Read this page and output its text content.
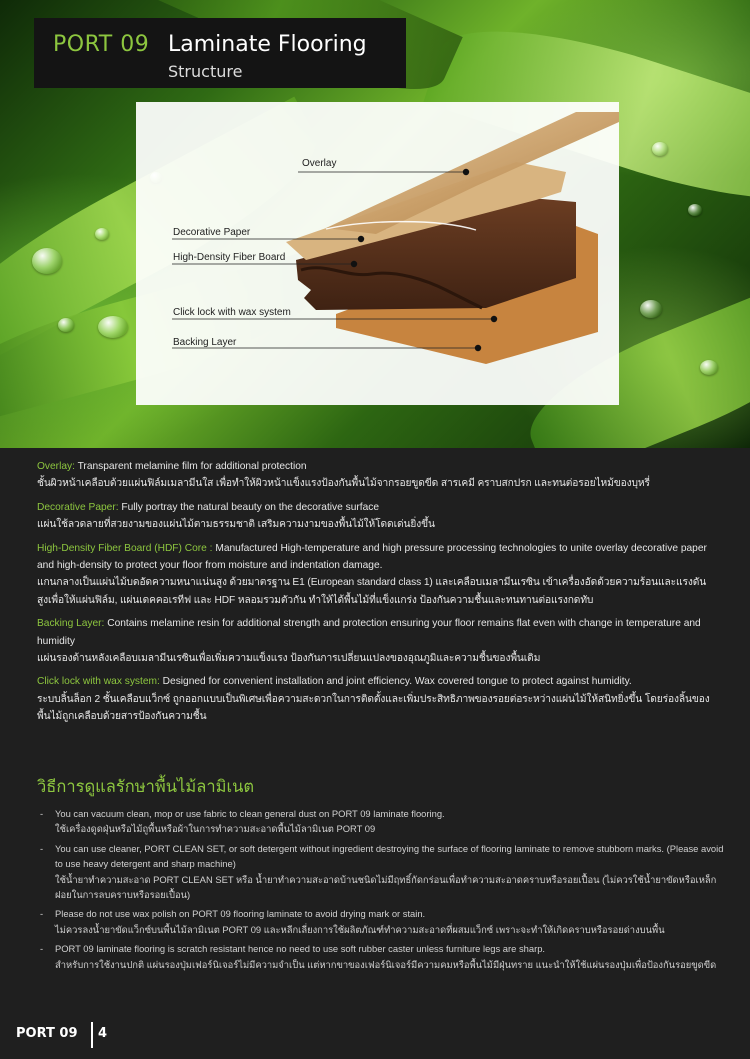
PORT 09 Laminate Flooring
Structure
Overlay
Decorative Paper
High-Density Fiber Board
Click lock with wax system
Backing Layer
Overlay: Transparent melamine film for additional protection
ชั้นผิวหน้าเคลือบด้วยแผ่นฟิล์มเมลามีนใส เพื่อทำให้ผิวหน้าแข็งแรงป้องกันพื้นไม้จากรอยขูดขีด สารเคมี คราบสกปรก และทนต่อรอยไหม้ของบุหรี่
Decorative Paper: Fully portray the natural beauty on the decorative surface
แผ่นใช้ลวดลายที่สวยงามของแผ่นไม้ตามธรรมชาติ เสริมความงามของพื้นไม้ให้โดดเด่นยิ่งขึ้น
High-Density Fiber Board (HDF) Core : Manufactured High-temperature and high pressure processing technologies to unite overlay decorative paper and high-density to protect your floor from moisture and indentation damage.
แกนกลางเป็นแผ่นไม้บดอัดความหนาแน่นสูง ด้วยมาตรฐาน E1 (European standard class 1) และเคลือบเมลามีนเรซิน เข้าเครื่องอัดด้วยความร้อนและแรงดันสูงเพื่อให้แผ่นฟิล์ม, แผ่นเดคคอเรทีฟ และ HDF หลอมรวมตัวกัน ทำให้ได้พื้นไม้ที่แข็งแกร่ง ป้องกันความชื้นและทนทานต่อแรงกดทับ
Backing Layer: Contains melamine resin for additional strength and protection ensuring your floor remains flat even with change in temperature and humidity
แผ่นรองด้านหลังเคลือบเมลามีนเรซินเพื่อเพิ่มความแข็งแรง ป้องกันการเปลี่ยนแปลงของอุณภูมิและความชื้นของพื้นเดิม
Click lock with wax system: Designed for convenient installation and joint efficiency. Wax covered tongue to protect against humidity.
ระบบลิ้นล็อก 2 ชั้นเคลือบแว็กซ์ ถูกออกแบบเป็นพิเศษเพื่อความสะดวกในการติดตั้งและเพิ่มประสิทธิภาพของรอยต่อระหว่างแผ่นไม้ให้สนิทยิ่งขึ้น โดยร่องลิ้นของพื้นไม้ถูกเคลือบด้วยสารป้องกันความชื้น
วิธีการดูแลรักษาพื้นไม้ลามิเนต
- You can vacuum clean, mop or use fabric to clean general dust on PORT 09 laminate flooring.
ใช้เครื่องดูดฝุ่นหรือไม้ถูพื้นหรือผ้าในการทำความสะอาดพื้นไม้ลามิเนต PORT 09
- You can use cleaner, PORT CLEAN SET, or soft detergent without ingredient destroying the surface of flooring laminate to remove stubborn marks. (Please avoid to use heavy detergent and sharp machine)
ใช้น้ำยาทำความสะอาด PORT CLEAN SET หรือ น้ำยาทำความสะอาดบ้านชนิดไม่มีฤทธิ์กัดกร่อนเพื่อทำความสะอาดคราบหรือรอยเปื้อน (ไม่ควรใช้น้ำยาขัดหรือเหล็กฝอยในการลบคราบหรือรอยเปื้อน)
- Please do not use wax polish on PORT 09 flooring laminate to avoid drying mark or stain.
ไม่ควรลงน้ำยาขัดแว็กซ์บนพื้นไม้ลามิเนต PORT 09 และหลีกเลี่ยงการใช้ผลิตภัณฑ์ทำความสะอาดที่ผสมแว็กซ์ เพราะจะทำให้เกิดคราบหรือรอยด่างบนพื้น
- PORT 09 laminate flooring is scratch resistant hence no need to use soft rubber caster unless furniture legs are sharp.
สำหรับการใช้งานปกติ แผ่นรองปุ่มเฟอร์นิเจอร์ไม่มีความจำเป็น แต่หากขาของเฟอร์นิเจอร์มีความคมหรือพื้นไม้มีฝุ่นทราย แนะนำให้ใช้แผ่นรองปุ่มเพื่อป้องกันรอยขูดขีด
PORT 09 4
